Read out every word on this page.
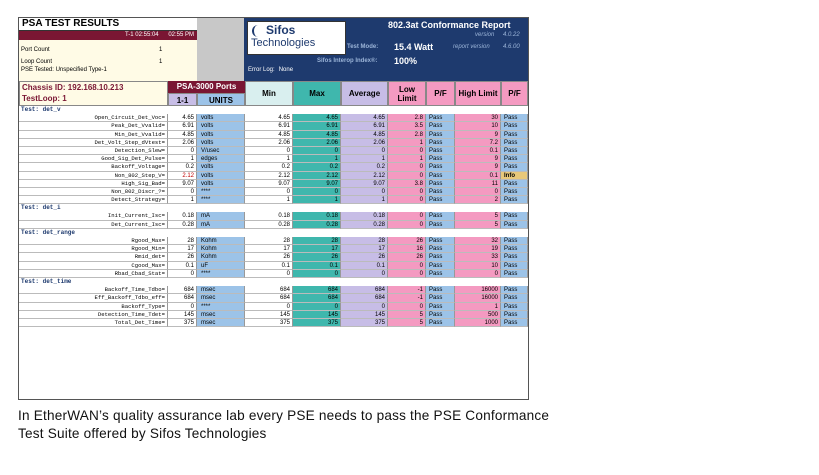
PSA TEST RESULTS
T-1 02:55:04 02:55 PM
Port Count	1
Loop Count	1
PSE Tested: Unspecified Type-1
Sifos
Technologies
Error Log: None
802.3at Conformance Report
version 4.0.22
Test Mode: 15.4 Watt	report version 4.6.00
Sifos Interop Index®: 100%
Chassis ID: 192.168.10.213
TestLoop: 1
PSA-3000 Ports
1-1	UNITS
Min	Max	Average	Low Limit	P/F	High Limit	P/F
Test: det_v
Open_Circuit_Det_Voc=	4.65	volts	4.65	4.65	4.65	2.8	Pass	30	Pass
Peak_Det_Vvalid=	6.91	volts	6.91	6.91	6.91	3.5	Pass	10	Pass
Min_Det_Vvalid=	4.85	volts	4.85	4.85	4.85	2.8	Pass	9	Pass
Det_Volt_Step_dVtest=	2.06	volts	2.06	2.06	2.06	1	Pass	7.2	Pass
Detection_Slew=	0	V/usec	0	0	0	0	Pass	0.1	Pass
Good_Sig_Det_Pulse=	1	edges	1	1	1	1	Pass	9	Pass
Backoff_Voltage=	0.2	volts	0.2	0.2	0.2	0	Pass	9	Pass
Non_802_Step_V=	2.12	volts	2.12	2.12	2.12	0	Pass	0.1	Info
High_Sig_Bad=	9.07	volts	9.07	9.07	9.07	3.8	Pass	11	Pass
Non_802_Discr_?=	0	****	0	0	0	0	Pass	0	Pass
Detect_Strategy=	1	****	1	1	1	0	Pass	2	Pass
Test: det_i
Init_Current_Isc=	0.18	mA	0.18	0.18	0.18	0	Pass	5	Pass
Det_Current_Isc=	0.28	mA	0.28	0.28	0.28	0	Pass	5	Pass
Test: det_range
Rgood_Max=	28	Kohm	28	28	28	26	Pass	32	Pass
Rgood_Min=	17	Kohm	17	17	17	16	Pass	19	Pass
Rmid_det=	26	Kohm	26	26	26	26	Pass	33	Pass
Cgood_Max=	0.1	uF	0.1	0.1	0.1	0	Pass	10	Pass
Rbad_Cbad_Stat=	0	****	0	0	0	0	Pass	0	Pass
Test: det_time
Backoff_Time_Tdbo=	684	msec	684	684	684	-1	Pass	16000	Pass
Eff_Backoff_Tdbo_eff=	684	msec	684	684	684	-1	Pass	16000	Pass
Backoff_Type=	0	****	0	0	0	0	Pass	1	Pass
Detection_Time_Tdet=	145	msec	145	145	145	5	Pass	500	Pass
Total_Det_Time=	375	msec	375	375	375	5	Pass	1000	Pass
In EtherWAN’s quality assurance lab every PSE needs to pass the PSE Conformance
Test Suite offered by Sifos Technologies
